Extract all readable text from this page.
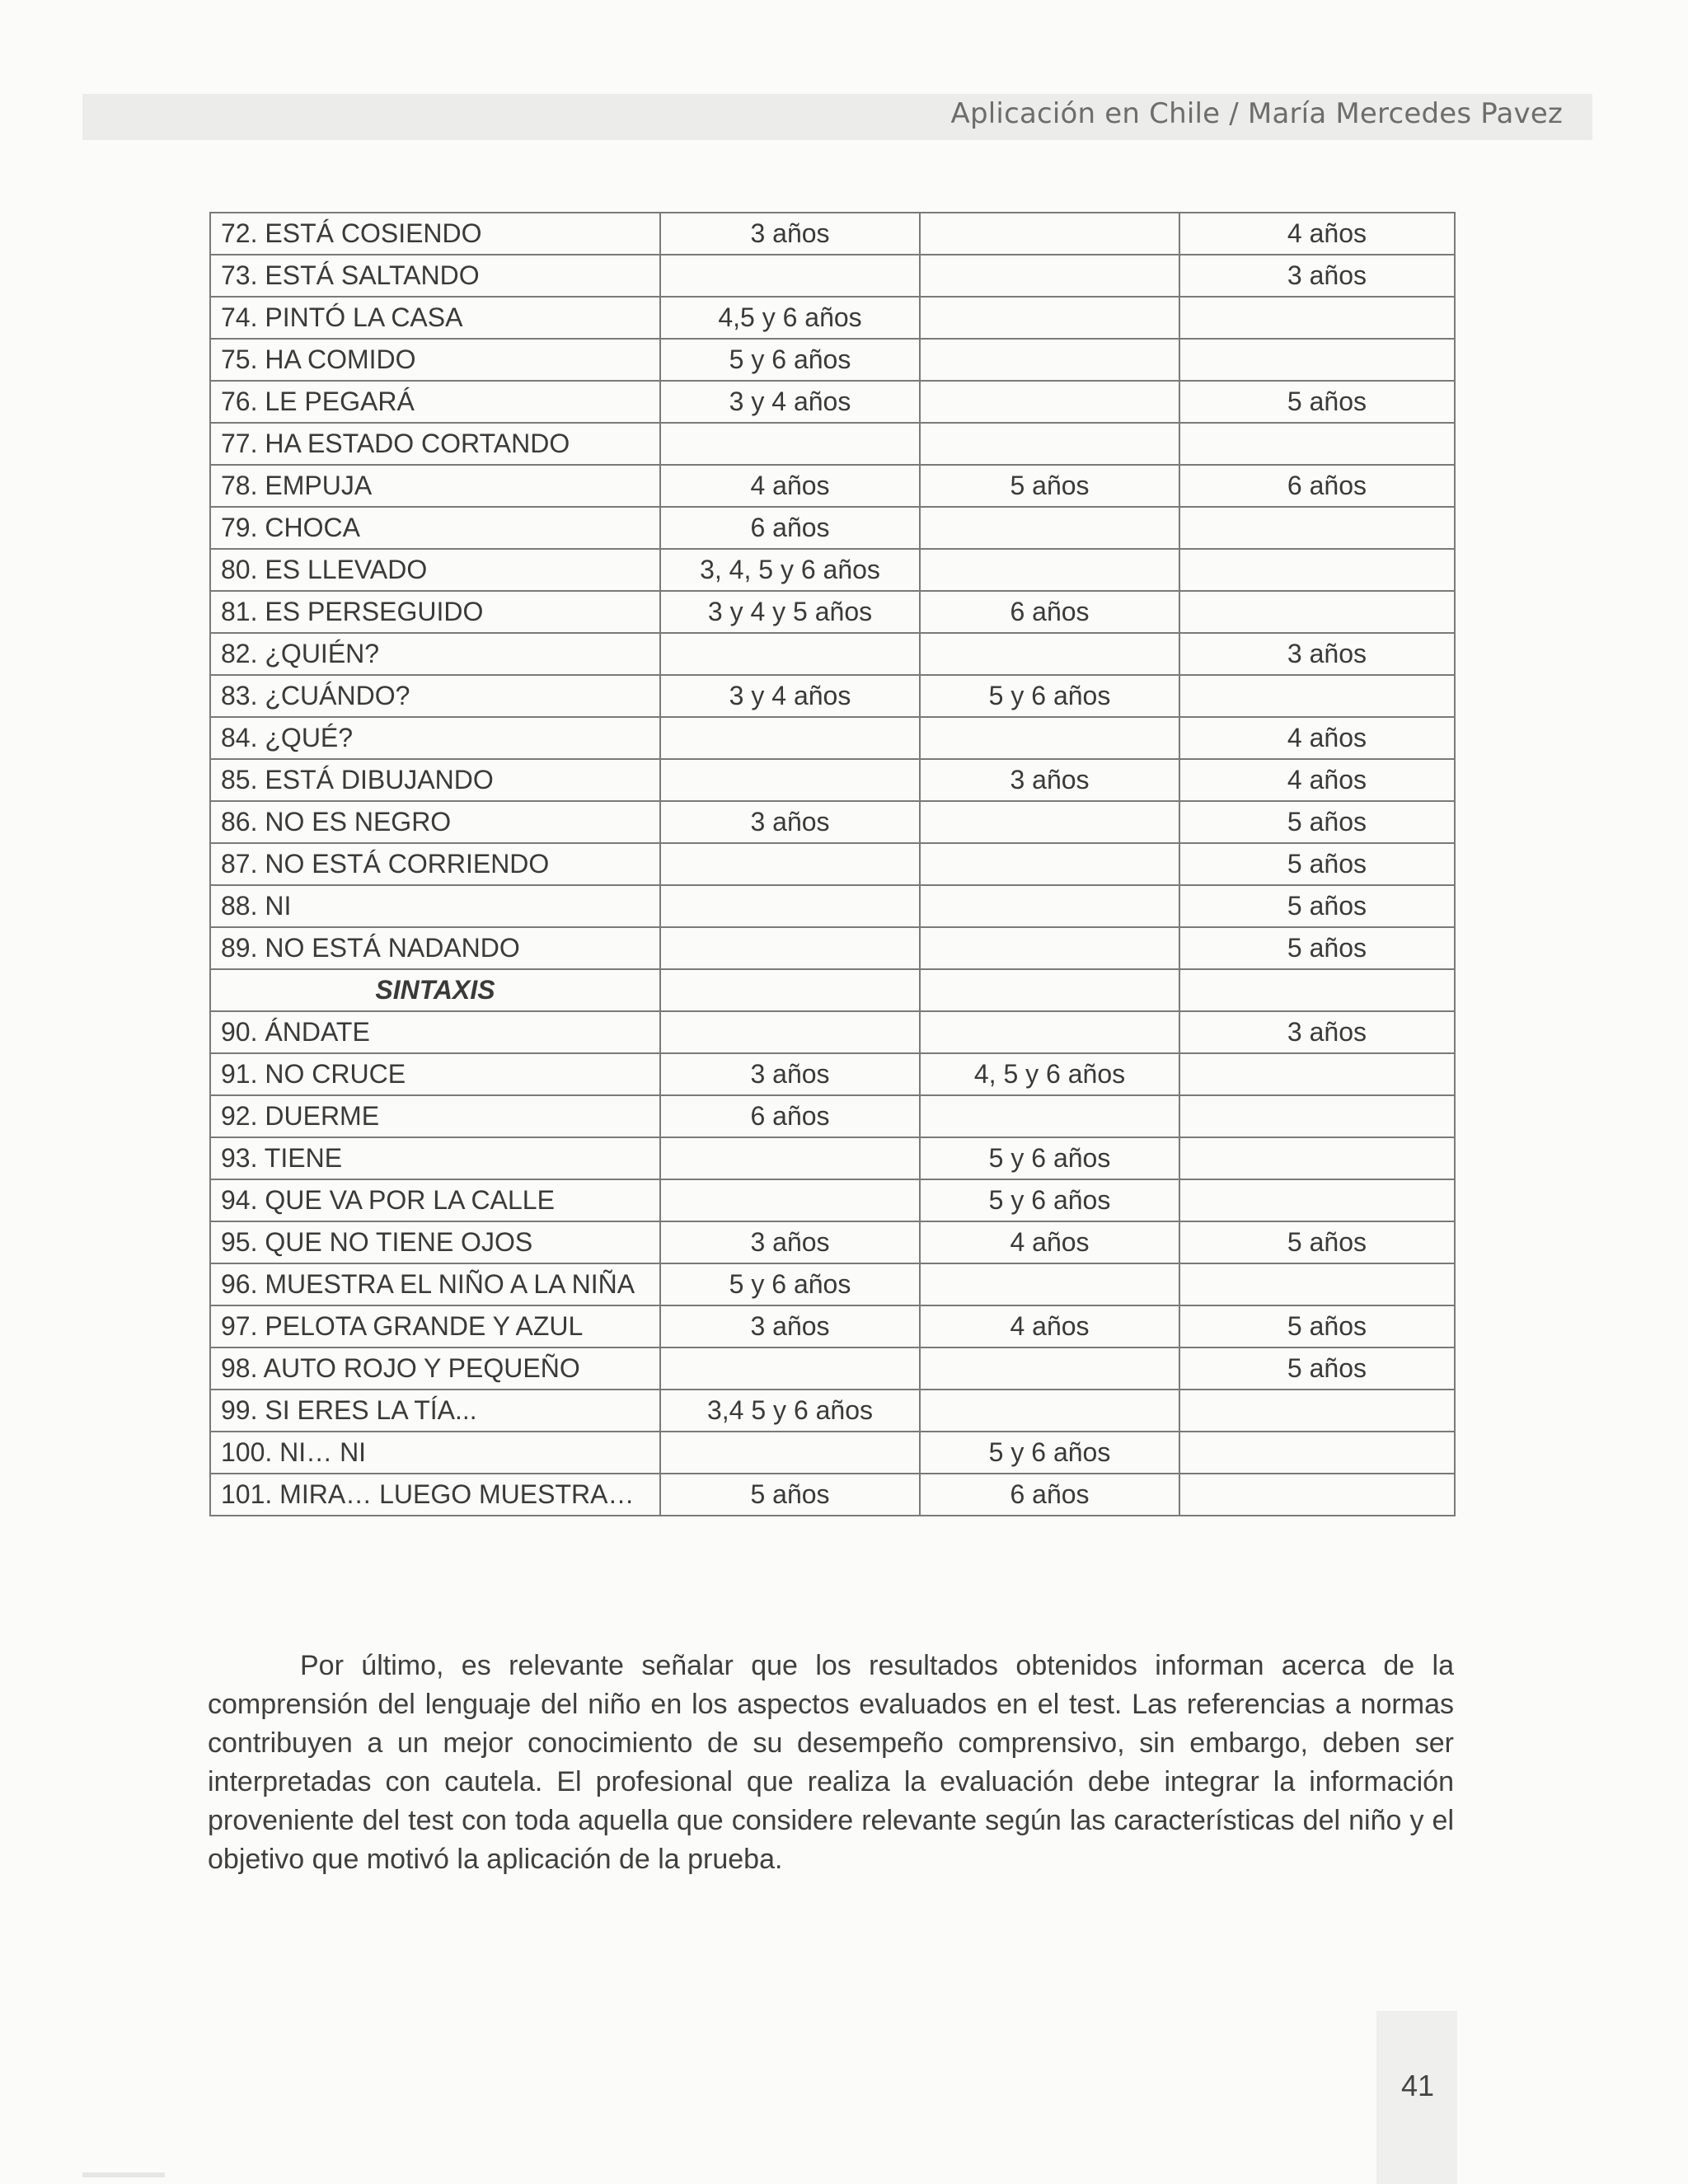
Aplicación en Chile / María Mercedes Pavez
72. ESTÁ COSIENDO	3 años		4 años
73. ESTÁ SALTANDO			3 años
74. PINTÓ LA CASA	4,5 y 6 años		
75. HA COMIDO	5 y 6 años		
76. LE PEGARÁ	3 y 4 años		5 años
77. HA ESTADO CORTANDO			
78. EMPUJA	4 años	5 años	6 años
79. CHOCA	6 años		
80. ES LLEVADO	3, 4, 5 y 6 años		
81. ES PERSEGUIDO	3 y 4 y 5 años	6 años	
82. ¿QUIÉN?			3 años
83. ¿CUÁNDO?	3 y 4 años	5 y 6 años	
84. ¿QUÉ?			4 años
85. ESTÁ DIBUJANDO		3 años	4 años
86. NO ES NEGRO	3 años		5 años
87. NO ESTÁ CORRIENDO			5 años
88. NI			5 años
89. NO ESTÁ NADANDO			5 años
SINTAXIS			
90. ÁNDATE			3 años
91. NO CRUCE	3 años	4, 5 y 6 años	
92. DUERME	6 años		
93. TIENE		5 y 6 años	
94. QUE VA POR LA CALLE		5 y 6 años	
95. QUE NO TIENE OJOS	3 años	4 años	5 años
96. MUESTRA EL NIÑO A LA NIÑA	5 y 6 años		
97. PELOTA GRANDE Y AZUL	3 años	4 años	5 años
98. AUTO ROJO Y PEQUEÑO			5 años
99. SI ERES LA TÍA...	3,4 5 y 6 años		
100. NI… NI		5 y 6 años	
101. MIRA… LUEGO MUESTRA…	5 años	6 años	

Por último, es relevante señalar que los resultados obtenidos informan acerca de la comprensión del lenguaje del niño en los aspectos evaluados en el test. Las referencias a normas contribuyen a un mejor conocimiento de su desempeño comprensivo, sin embargo, deben ser interpretadas con cautela. El profesional que realiza la evaluación debe integrar la información proveniente del test con toda aquella que considere relevante según las características del niño y el objetivo que motivó la aplicación de la prueba.

41
